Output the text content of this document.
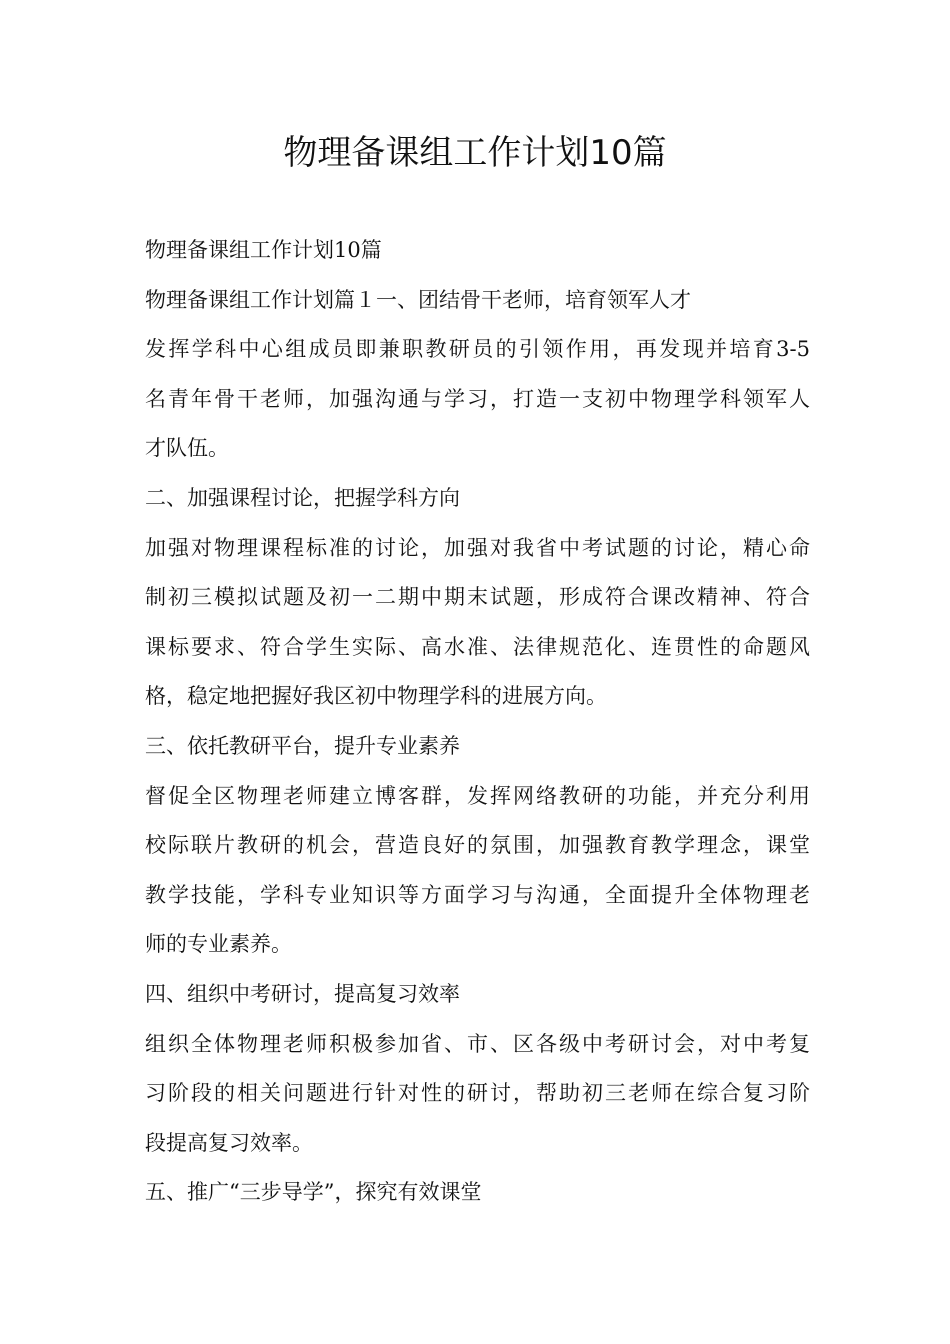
物理备课组工作计划10篇
物理备课组工作计划10篇
物理备课组工作计划篇１一、团结骨干老师，培育领军人才
发挥学科中心组成员即兼职教研员的引领作用，再发现并培育3-5
名青年骨干老师，加强沟通与学习，打造一支初中物理学科领军人
才队伍。
二、加强课程讨论，把握学科方向
加强对物理课程标准的讨论，加强对我省中考试题的讨论，精心命
制初三模拟试题及初一二期中期末试题，形成符合课改精神、符合
课标要求、符合学生实际、高水准、法律规范化、连贯性的命题风
格，稳定地把握好我区初中物理学科的进展方向。
三、依托教研平台，提升专业素养
督促全区物理老师建立博客群，发挥网络教研的功能，并充分利用
校际联片教研的机会，营造良好的氛围，加强教育教学理念，课堂
教学技能，学科专业知识等方面学习与沟通，全面提升全体物理老
师的专业素养。
四、组织中考研讨，提高复习效率
组织全体物理老师积极参加省、市、区各级中考研讨会，对中考复
习阶段的相关问题进行针对性的研讨，帮助初三老师在综合复习阶
段提高复习效率。
五、推广“三步导学”，探究有效课堂
